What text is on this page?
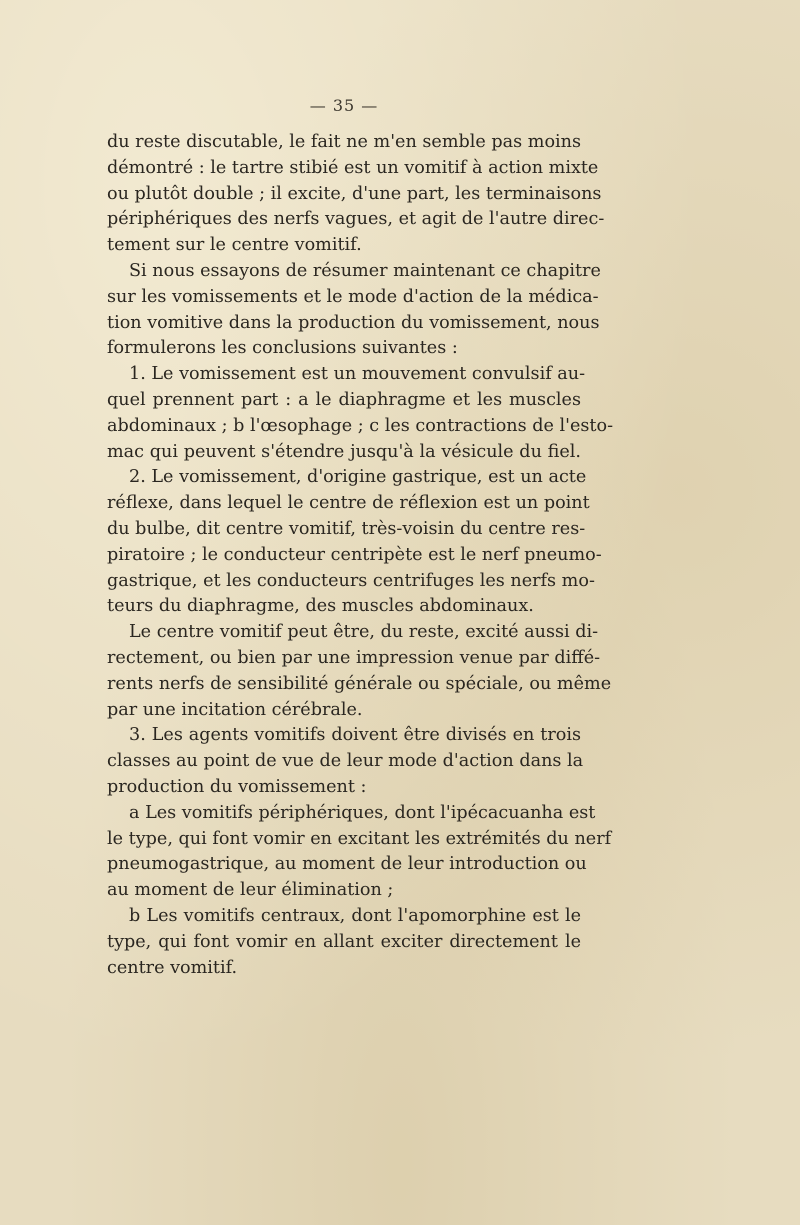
— 35 —
du reste discutable, le fait ne m'en semble pas moins
démontré : le tartre stibié est un vomitif à action mixte
ou plutôt double ; il excite, d'une part, les terminaisons
périphériques des nerfs vagues, et agit de l'autre direc-
tement sur le centre vomitif.
Si nous essayons de résumer maintenant ce chapitre
sur les vomissements et le mode d'action de la médica-
tion vomitive dans la production du vomissement, nous
formulerons les conclusions suivantes :
1. Le vomissement est un mouvement convulsif au-
quel prennent part : a le diaphragme et les muscles
abdominaux ; b l'œsophage ; c les contractions de l'esto-
mac qui peuvent s'étendre jusqu'à la vésicule du fiel.
2. Le vomissement, d'origine gastrique, est un acte
réflexe, dans lequel le centre de réflexion est un point
du bulbe, dit centre vomitif, très-voisin du centre res-
piratoire ; le conducteur centripète est le nerf pneumo-
gastrique, et les conducteurs centrifuges les nerfs mo-
teurs du diaphragme, des muscles abdominaux.
Le centre vomitif peut être, du reste, excité aussi di-
rectement, ou bien par une impression venue par diffé-
rents nerfs de sensibilité générale ou spéciale, ou même
par une incitation cérébrale.
3. Les agents vomitifs doivent être divisés en trois
classes au point de vue de leur mode d'action dans la
production du vomissement :
a Les vomitifs périphériques, dont l'ipécacuanha est
le type, qui font vomir en excitant les extrémités du nerf
pneumogastrique, au moment de leur introduction ou
au moment de leur élimination ;
b Les vomitifs centraux, dont l'apomorphine est le
type, qui font vomir en allant exciter directement le
centre vomitif.
